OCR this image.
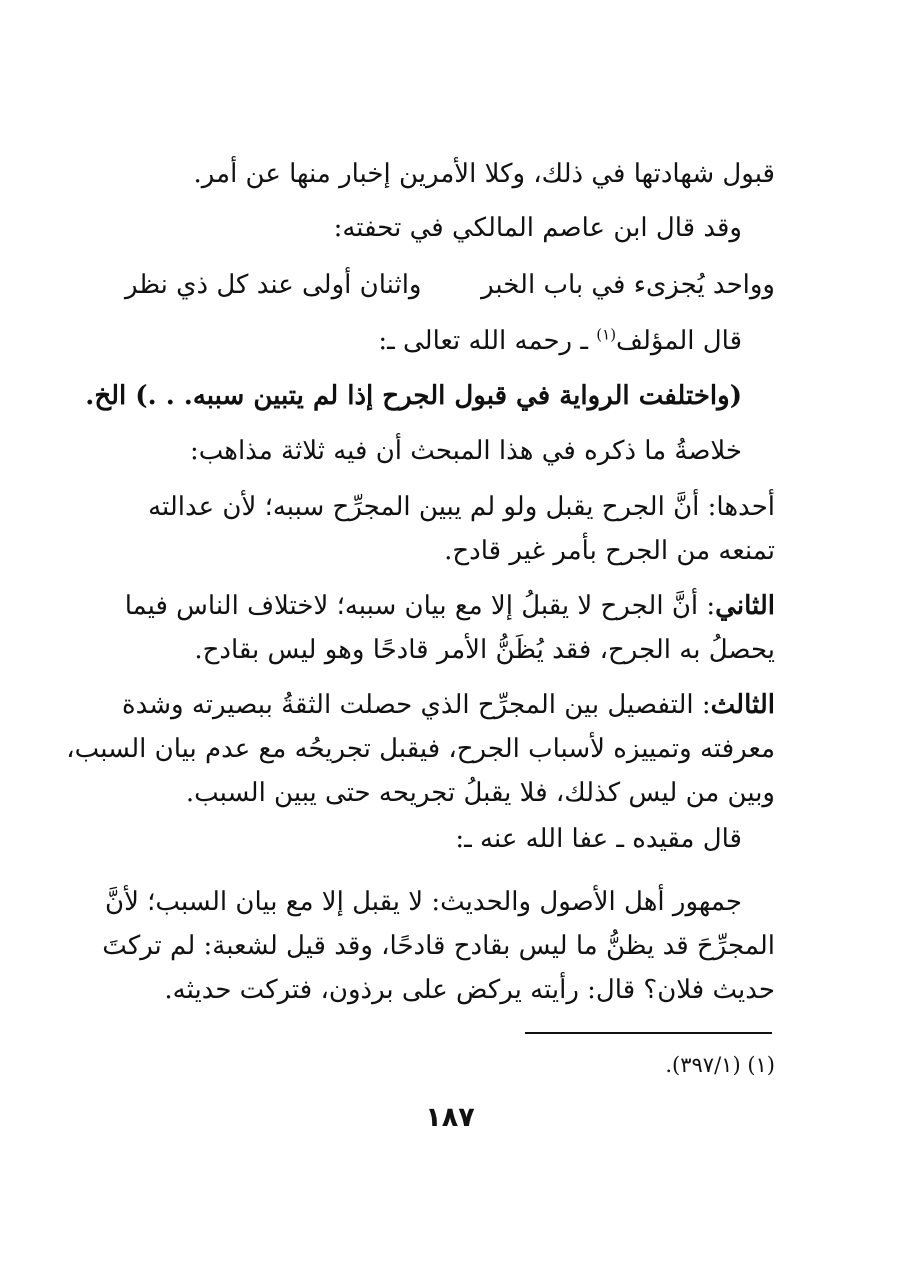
قبول شهادتها في ذلك، وكلا الأمرين إخبار منها عن أمر.
وقد قال ابن عاصم المالكي في تحفته:
وواحد يُجزىء في باب الخبر
واثنان أولى عند كل ذي نظر
قال المؤلف$^{(١)}$ ـ رحمه الله تعالى ـ:
(واختلفت الرواية في قبول الجرح إذا لم يتبين سببه. . .) الخ.
خلاصةُ ما ذكره في هذا المبحث أن فيه ثلاثة مذاهب:
أحدها: أنَّ الجرح يقبل ولو لم يبين المجرِّح سببه؛ لأن عدالته
تمنعه من الجرح بأمر غير قادح.
الثاني: أنَّ الجرح لا يقبلُ إلا مع بيان سببه؛ لاختلاف الناس فيما
يحصلُ به الجرح، فقد يُظَنُّ الأمر قادحًا وهو ليس بقادح.
الثالث: التفصيل بين المجرِّح الذي حصلت الثقةُ ببصيرته وشدة
معرفته وتمييزه لأسباب الجرح، فيقبل تجريحُه مع عدم بيان السبب،
وبين من ليس كذلك، فلا يقبلُ تجريحه حتى يبين السبب.
قال مقيده ـ عفا الله عنه ـ:
جمهور أهل الأصول والحديث: لا يقبل إلا مع بيان السبب؛ لأنَّ
المجرِّحَ قد يظنُّ ما ليس بقادح قادحًا، وقد قيل لشعبة: لم تركتَ
حديث فلان؟ قال: رأيته يركض على برذون، فتركت حديثه.
(١) (٣٩٧/١).
١٨٧
